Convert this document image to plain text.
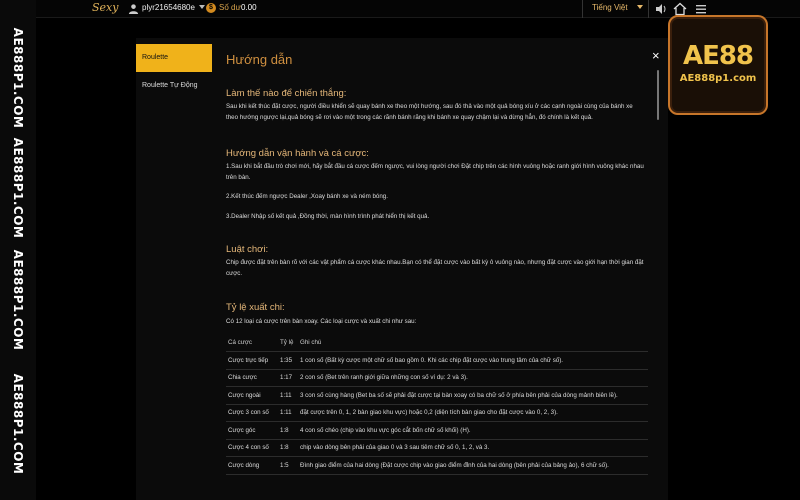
AE888P1.COM
AE888P1.COM
AE888P1.COM
AE888P1.COM
Sexy	plyr21654680e	$ Số dư 0.00	Tiếng Việt
Roulette
Roulette Tự Động
×
Hướng dẫn
Làm thế nào để chiến thắng:
Sau khi kết thúc đặt cược, người điều khiển sẽ quay bánh xe theo một hướng, sau đó thả vào một quả bóng xíu ở các cạnh ngoài cùng của bánh xe theo hướng ngược lại,quả bóng sẽ rơi vào một trong các rãnh bánh răng khi bánh xe quay chậm lại và dừng hẳn, đó chính là kết quả.
Hướng dẫn vận hành và cá cược:
1.Sau khi bắt đầu trò chơi mới, hãy bắt đầu cá cược đếm ngược, vui lòng người chơi Đặt chip trên các hình vuông hoặc ranh giới hình vuông khác nhau trên bàn.
2.Kết thúc đếm ngược Dealer ,Xoay bánh xe và ném bóng.
3.Dealer Nhập số kết quả ,Đồng thời, màn hình trình phát hiển thị kết quả.
Luật chơi:
Chip được đặt trên bàn rõ với các vật phẩm cá cược khác nhau.Bạn có thể đặt cược vào bất kỳ ô vuông nào, nhưng đặt cược vào giới hạn thời gian đặt cược.
Tỷ lệ xuất chi:
Có 12 loại cá cược trên bàn xoay. Các loại cược và xuất chi như sau:
Cá cược	Tỷ lệ	Ghi chú
Cược trực tiếp	1:35	1 con số (Bất kỳ cược một chữ số bao gồm 0. Khi các chip đặt cược vào trung tâm của chữ số).
Chia cược	1:17	2 con số (Bet trên ranh giới giữa những con số ví dụ: 2 và 3).
Cược ngoài	1:11	3 con số cùng hàng (Bet ba số sẽ phải đặt cược tại bàn xoay có ba chữ số ở phía bên phải của dòng mảnh biên lề).
Cược 3 con số	1:11	đặt cược trên 0, 1, 2 bàn giao khu vực) hoặc 0,2 (diện tích bàn giao cho đặt cược vào 0, 2, 3).
Cược góc	1:8	4 con số chéo (chip vào khu vực góc cắt bốn chữ số khối) (H).
Cược 4 con số	1:8	chip vào dòng bên phải của giao 0 và 3 sau tiêm chữ số 0, 1, 2, và 3.
Cược dòng	1:5	Đình giao điểm của hai dòng (Đặt cược chip vào giao điểm đỉnh của hai dòng (bên phải của bảng ảo), 6 chữ số).
AE88
AE888p1.com
